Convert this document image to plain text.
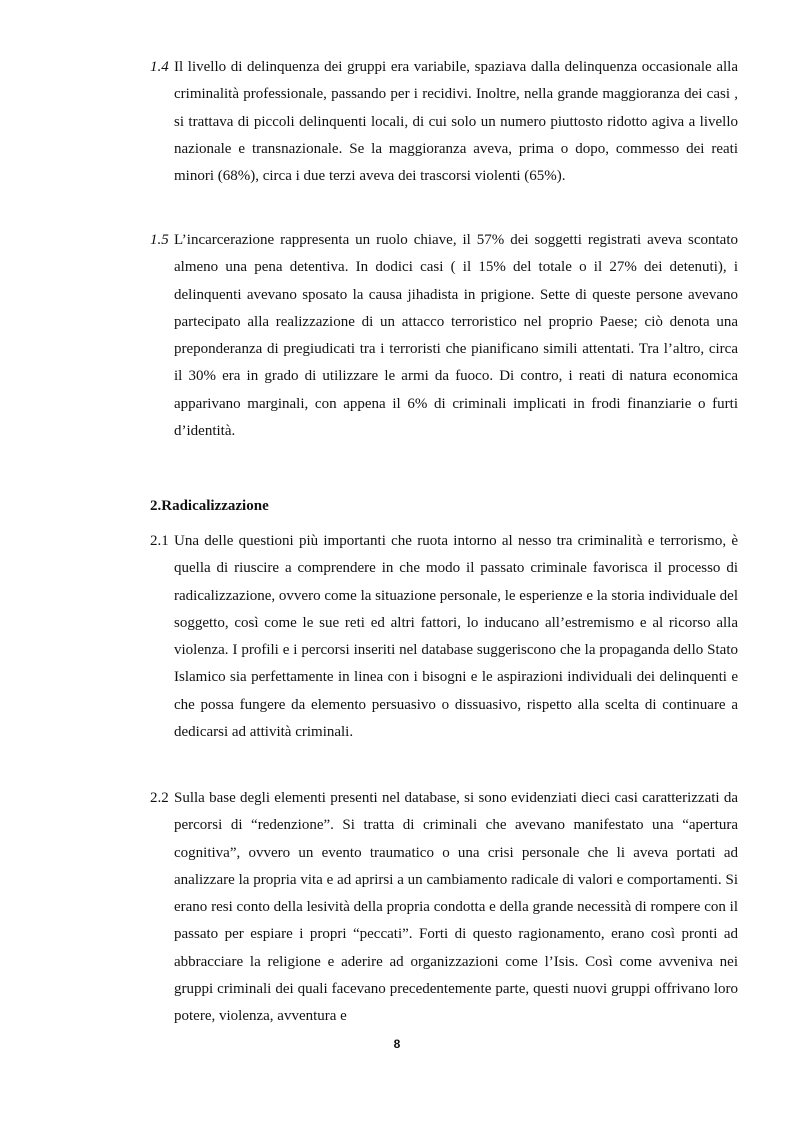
1.4 Il livello di delinquenza dei gruppi era variabile, spaziava dalla delinquenza occasionale alla criminalità professionale, passando per i recidivi. Inoltre, nella grande maggioranza dei casi , si trattava di piccoli delinquenti locali, di cui solo un numero piuttosto ridotto agiva a livello nazionale e transnazionale. Se la maggioranza aveva, prima o dopo, commesso dei reati minori (68%), circa i due terzi aveva dei trascorsi violenti (65%).
1.5 L’incarcerazione rappresenta un ruolo chiave, il 57% dei soggetti registrati aveva scontato almeno una pena detentiva. In dodici casi ( il 15% del totale o il 27% dei detenuti), i delinquenti avevano sposato la causa jihadista in prigione. Sette di queste persone avevano partecipato alla realizzazione di un attacco terroristico nel proprio Paese; ciò denota una preponderanza di pregiudicati tra i terroristi che pianificano simili attentati. Tra l’altro, circa il 30% era in grado di utilizzare le armi da fuoco. Di contro, i reati di natura economica apparivano marginali, con appena il 6% di criminali implicati in frodi finanziarie o furti d’identità.
2.Radicalizzazione
2.1 Una delle questioni più importanti che ruota intorno al nesso tra criminalità e terrorismo, è quella di riuscire a comprendere in che modo il passato criminale favorisca il processo di radicalizzazione, ovvero come la situazione personale, le esperienze e la storia individuale del soggetto, così come le sue reti ed altri fattori, lo inducano all’estremismo e al ricorso alla violenza. I profili e i percorsi inseriti nel database suggeriscono che la propaganda dello Stato Islamico sia perfettamente in linea con i bisogni e le aspirazioni individuali dei delinquenti e che possa fungere da elemento persuasivo o dissuasivo, rispetto alla scelta di continuare a dedicarsi ad attività criminali.
2.2 Sulla base degli elementi presenti nel database, si sono evidenziati dieci casi caratterizzati da percorsi di “redenzione”. Si tratta di criminali che avevano manifestato una “apertura cognitiva”, ovvero un evento traumatico o una crisi personale che li aveva portati ad analizzare la propria vita e ad aprirsi a un cambiamento radicale di valori e comportamenti. Si erano resi conto della lesività della propria condotta e della grande necessità di rompere con il passato per espiare i propri “peccati”. Forti di questo ragionamento, erano così pronti ad abbracciare la religione e aderire ad organizzazioni come l’Isis. Così come avveniva nei gruppi criminali dei quali facevano precedentemente parte, questi nuovi gruppi offrivano loro potere, violenza, avventura e
8
